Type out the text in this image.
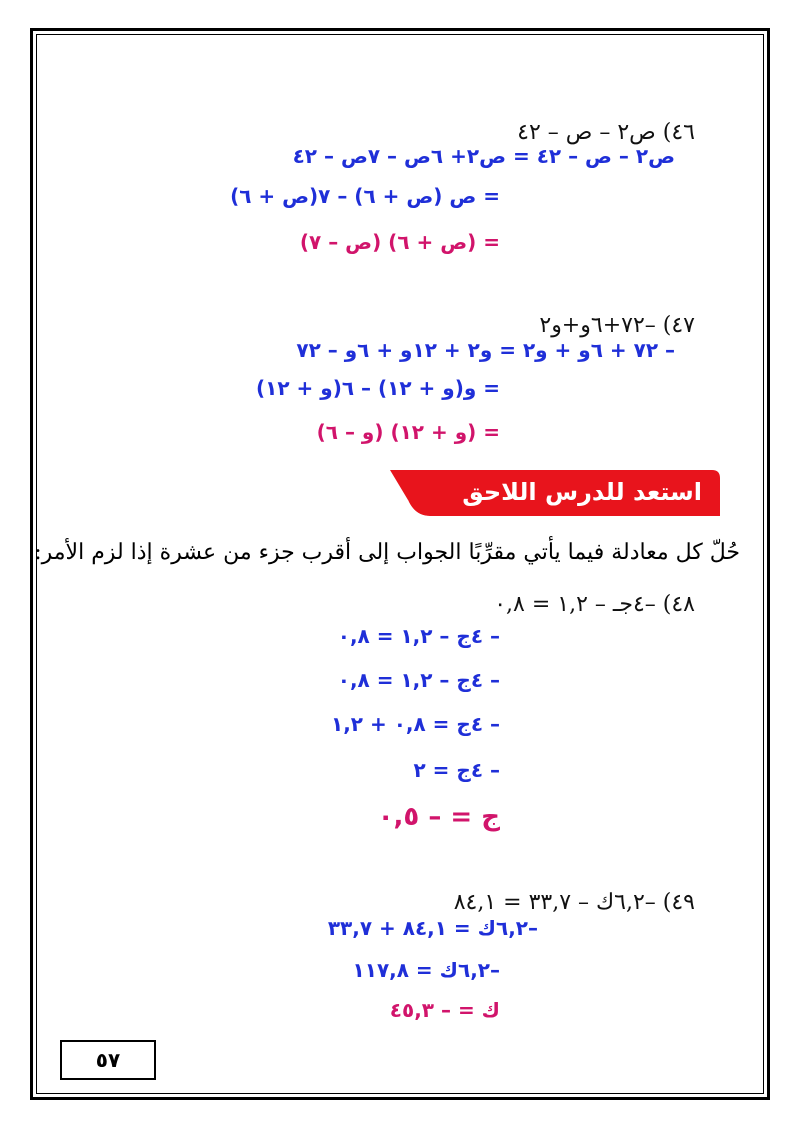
٤٦) ص٢ – ص – ٤٢
ص٢ – ص – ٤٢ = ص٢+ ٦ص – ٧ص – ٤٢
= ص (ص + ٦) – ٧(ص + ٦)
= (ص + ٦) (ص – ٧)
٤٧) –٧٢+٦و+و٢
– ٧٢ + ٦و + و٢ = و٢ + ١٢و + ٦و – ٧٢
= و(و + ١٢) – ٦(و + ١٢)
= (و + ١٢) (و – ٦)
استعد للدرس اللاحق
حُلّ كل معادلة فيما يأتي مقرِّبًا الجواب إلى أقرب جزء من عشرة إذا لزم الأمر:
٤٨) –٤جـ – ١,٢ = ٠,٨
– ٤ج – ١,٢ = ٠,٨
– ٤ج – ١,٢ = ٠,٨
– ٤ج = ٠,٨ + ١,٢
– ٤ج = ٢
ج = – ٠,٥
٤٩) –٦,٢ك – ٣٣,٧ = ٨٤,١
–٦,٢ك = ٨٤,١ + ٣٣,٧
–٦,٢ك = ١١٧,٨
ك = – ٤٥,٣
٥٧
